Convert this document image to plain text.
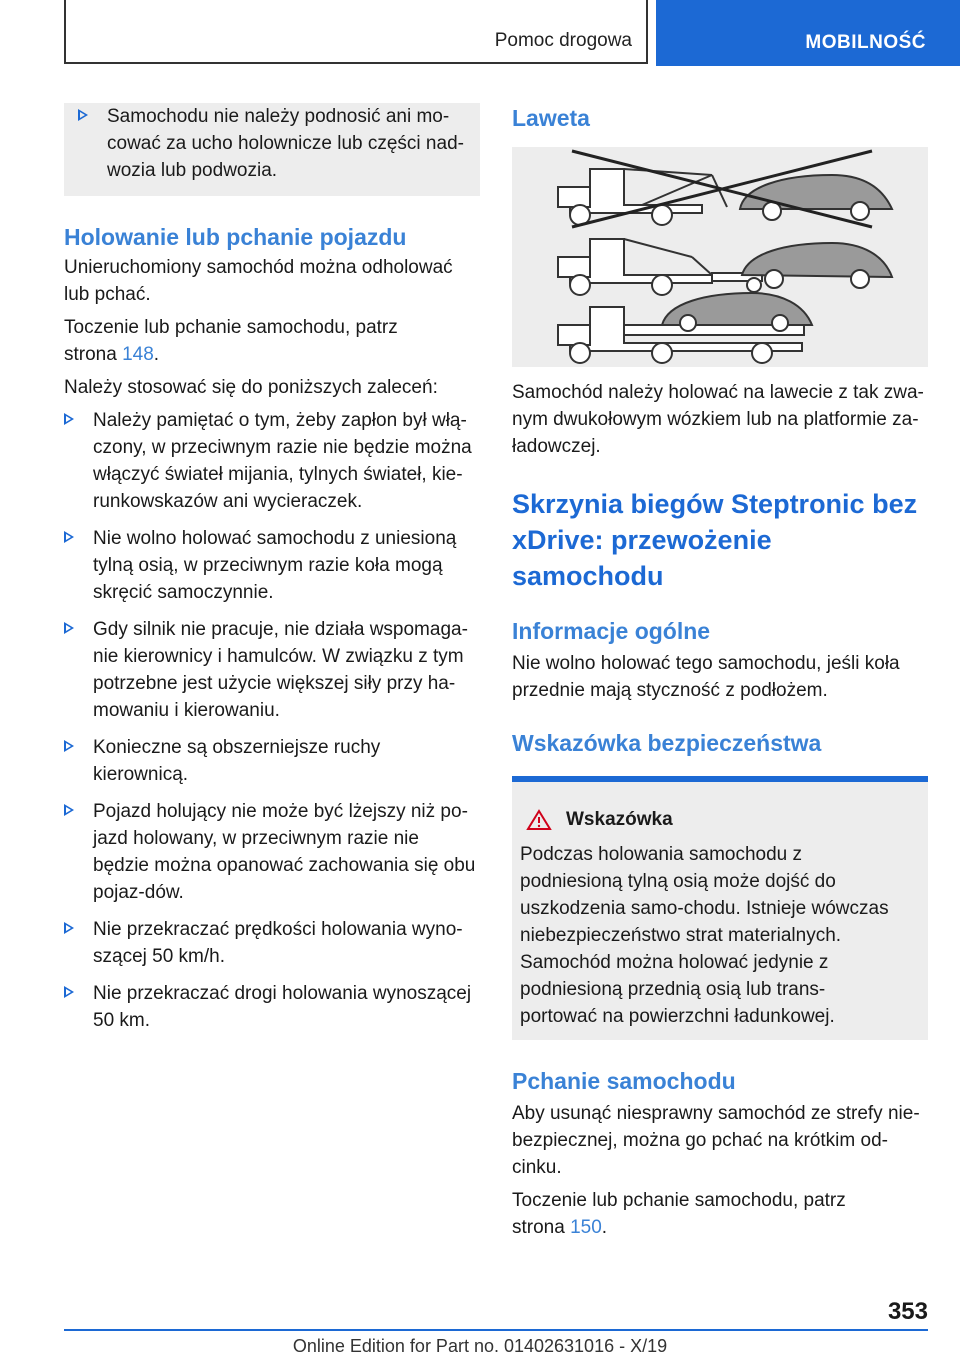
Pomoc drogowa	MOBILNOŚĆ
Samochodu nie należy podnosić ani mo-cować za ucho holownicze lub części nad-wozia lub podwozia.
Holowanie lub pchanie pojazdu

Unieruchomiony samochód można odholować lub pchać.

Toczenie lub pchanie samochodu, patrz strona 148.

Należy stosować się do poniższych zaleceń:

Należy pamiętać o tym, żeby zapłon był włą-czony, w przeciwnym razie nie będzie można włączyć świateł mijania, tylnych świateł, kie-runkowskazów ani wycieraczek.
Nie wolno holować samochodu z uniesioną tylną osią, w przeciwnym razie koła mogą skręcić samoczynnie.
Gdy silnik nie pracuje, nie działa wspomaga-nie kierownicy i hamulców. W związku z tym potrzebne jest użycie większej siły przy ha-mowaniu i kierowaniu.
Konieczne są obszerniejsze ruchy kierownicą.
Pojazd holujący nie może być lżejszy niż po-jazd holowany, w przeciwnym razie nie będzie można opanować zachowania się obu pojaz-dów.
Nie przekraczać prędkości holowania wyno-szącej 50 km/h.
Nie przekraczać drogi holowania wynoszącej 50 km.
Laweta

Samochód należy holować na lawecie z tak zwa-nym dwukołowym wózkiem lub na platformie za-ładowczej.

Skrzynia biegów Steptronic bez xDrive: przewożenie samochodu
Informacje ogólne

Nie wolno holować tego samochodu, jeśli koła przednie mają styczność z podłożem.

Wskazówka bezpieczeństwa
Wskazówka

Podczas holowania samochodu z podniesioną tylną osią może dojść do uszkodzenia samo-chodu. Istnieje wówczas niebezpieczeństwo strat materialnych. Samochód można holować jedynie z podniesioną przednią osią lub trans-portować na powierzchni ładunkowej.

Pchanie samochodu

Aby usunąć niesprawny samochód ze strefy nie-bezpiecznej, można go pchać na krótkim od-cinku.

Toczenie lub pchanie samochodu, patrz strona 150.

353
Online Edition for Part no. 01402631016 - X/19
